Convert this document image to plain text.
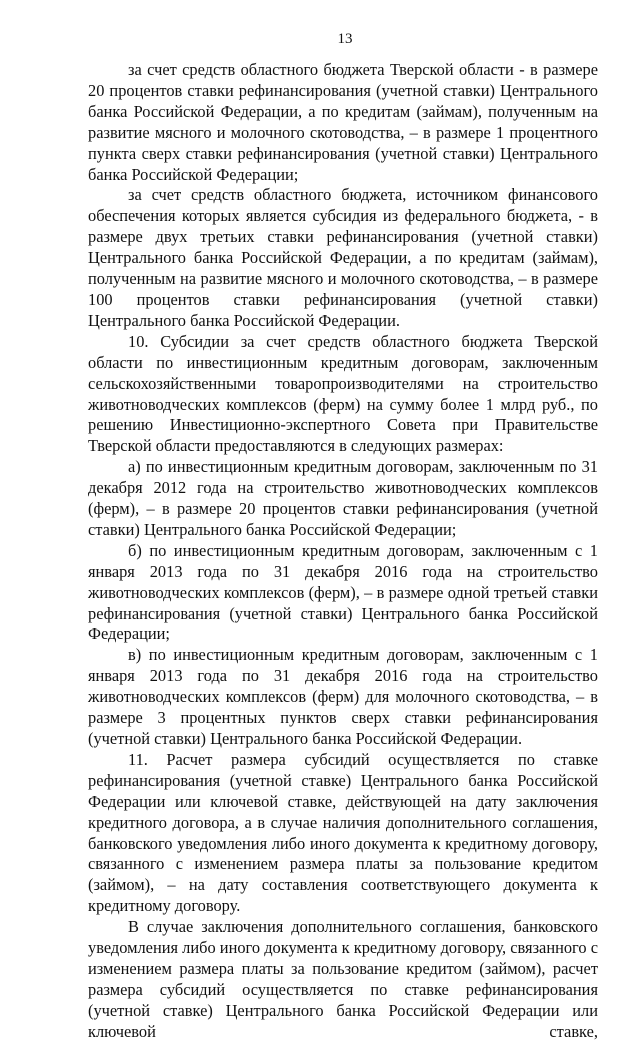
13

за счет средств областного бюджета Тверской области - в размере 20 процентов ставки рефинансирования (учетной ставки) Центрального банка Российской Федерации, а по кредитам (займам), полученным на развитие мясного и молочного скотоводства, – в размере 1 процентного пункта сверх ставки рефинансирования (учетной ставки) Центрального банка Российской Федерации;

за счет средств областного бюджета, источником финансового обеспечения которых является субсидия из федерального бюджета, - в размере двух третьих ставки рефинансирования (учетной ставки) Центрального банка Российской Федерации, а по кредитам (займам), полученным на развитие мясного и молочного скотоводства, – в размере 100 процентов ставки рефинансирования (учетной ставки) Центрального банка Российской Федерации.

10. Субсидии за счет средств областного бюджета Тверской области по инвестиционным кредитным договорам, заключенным сельскохозяйственными товаропроизводителями на строительство животноводческих комплексов (ферм) на сумму более 1 млрд руб., по решению Инвестиционно-экспертного Совета при Правительстве Тверской области предоставляются в следующих размерах:

а) по инвестиционным кредитным договорам, заключенным по 31 декабря 2012 года на строительство животноводческих комплексов (ферм), – в размере 20 процентов ставки рефинансирования (учетной ставки) Центрального банка Российской Федерации;

б) по инвестиционным кредитным договорам, заключенным с 1 января 2013 года по 31 декабря 2016 года на строительство животноводческих комплексов (ферм), – в размере одной третьей ставки рефинансирования (учетной ставки) Центрального банка Российской Федерации;

в) по инвестиционным кредитным договорам, заключенным с 1 января 2013 года по 31 декабря 2016 года на строительство животноводческих комплексов (ферм) для молочного скотоводства, – в размере 3 процентных пунктов сверх ставки рефинансирования (учетной ставки) Центрального банка Российской Федерации.

11. Расчет размера субсидий осуществляется по ставке рефинансирования (учетной ставке) Центрального банка Российской Федерации или ключевой ставке, действующей на дату заключения кредитного договора, а в случае наличия дополнительного соглашения, банковского уведомления либо иного документа к кредитному договору, связанного с изменением размера платы за пользование кредитом (займом), – на дату составления соответствующего документа к кредитному договору.

В случае заключения дополнительного соглашения, банковского уведомления либо иного документа к кредитному договору, связанного с изменением размера платы за пользование кредитом (займом), расчет размера субсидий осуществляется по ставке рефинансирования (учетной ставке) Центрального банка Российской Федерации или ключевой ставке,
